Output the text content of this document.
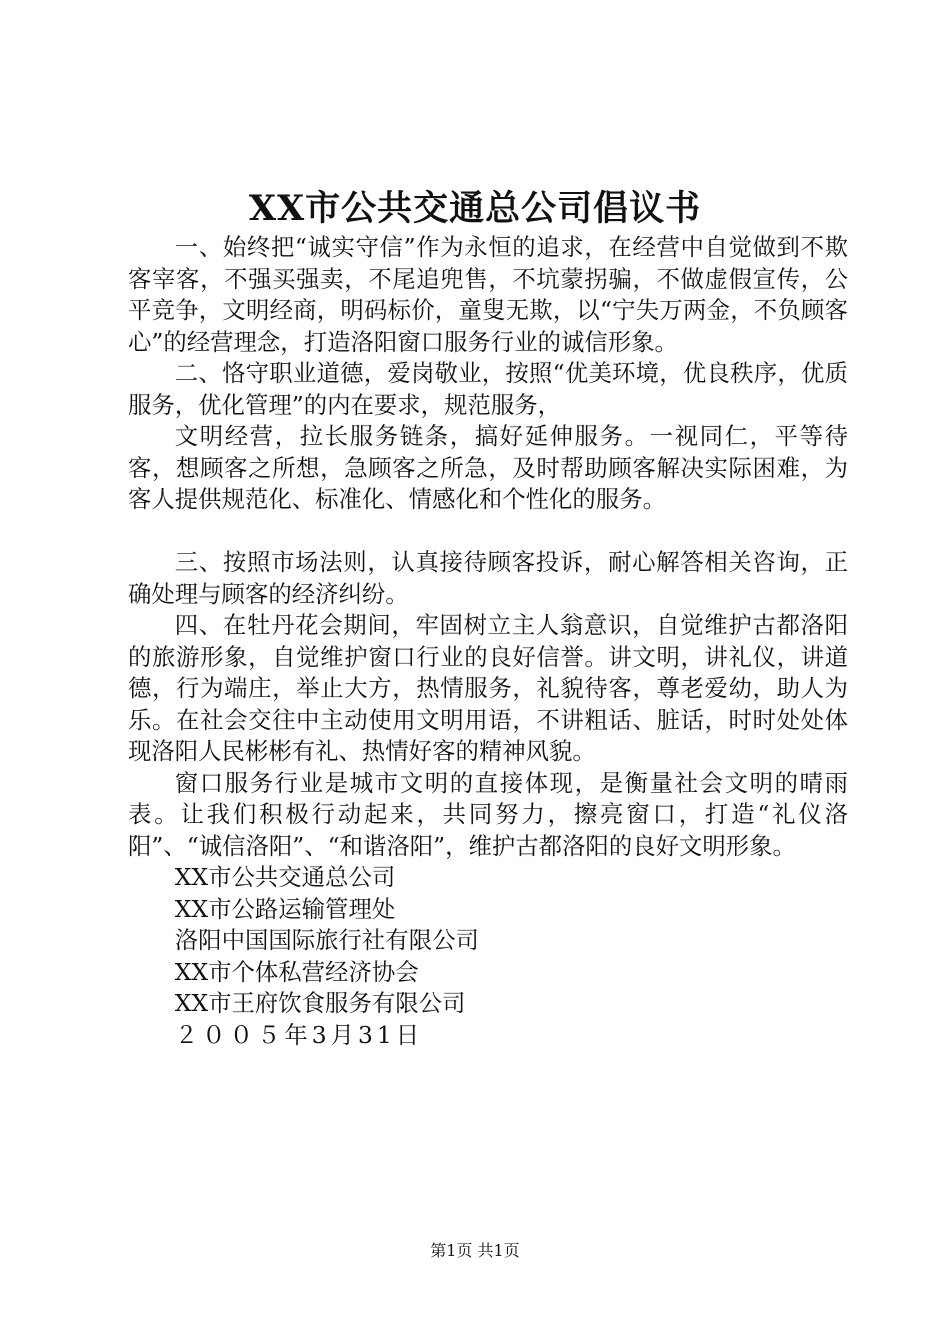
XX市公共交通总公司倡议书

一、始终把“诚实守信”作为永恒的追求，在经营中自觉做到不欺客宰客，不强买强卖，不尾追兜售，不坑蒙拐骗，不做虚假宣传，公平竞争，文明经商，明码标价，童叟无欺，以“宁失万两金，不负顾客心”的经营理念，打造洛阳窗口服务行业的诚信形象。

二、恪守职业道德，爱岗敬业，按照“优美环境，优良秩序，优质服务，优化管理”的内在要求，规范服务，

文明经营，拉长服务链条，搞好延伸服务。一视同仁，平等待客，想顾客之所想，急顾客之所急，及时帮助顾客解决实际困难，为客人提供规范化、标准化、情感化和个性化的服务。

三、按照市场法则，认真接待顾客投诉，耐心解答相关咨询，正确处理与顾客的经济纠纷。

四、在牡丹花会期间，牢固树立主人翁意识，自觉维护古都洛阳的旅游形象，自觉维护窗口行业的良好信誉。讲文明，讲礼仪，讲道德，行为端庄，举止大方，热情服务，礼貌待客，尊老爱幼，助人为乐。在社会交往中主动使用文明用语，不讲粗话、脏话，时时处处体现洛阳人民彬彬有礼、热情好客的精神风貌。

窗口服务行业是城市文明的直接体现，是衡量社会文明的晴雨表。让我们积极行动起来，共同努力，擦亮窗口，打造“礼仪洛阳”、“诚信洛阳”、“和谐洛阳”，维护古都洛阳的良好文明形象。

XX市公共交通总公司
XX市公路运输管理处
洛阳中国国际旅行社有限公司
XX市个体私营经济协会
XX市王府饮食服务有限公司
２００５年3月31日
第1页 共1页
